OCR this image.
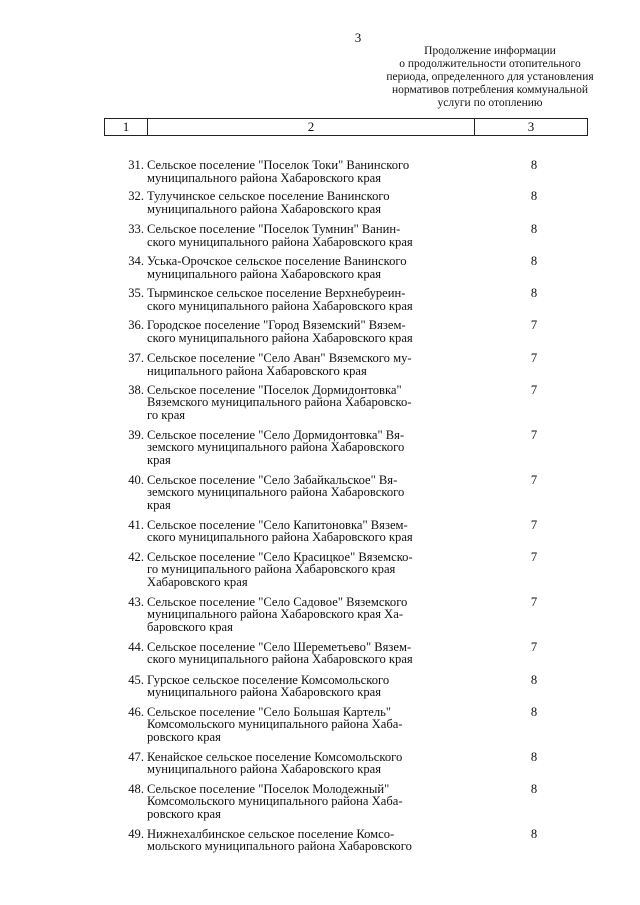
3
Продолжение информации
о продолжительности отопительного
периода, определенного для установления
нормативов потребления коммунальной
услуги по отоплению
1	2	3
31. Сельское поселение "Поселок Токи" Ванинского
муниципального района Хабаровского края
8
32. Тулучинское сельское поселение Ванинского
муниципального района Хабаровского края
8
33. Сельское поселение "Поселок Тумнин" Ванин-
ского муниципального района Хабаровского края
8
34. Уська-Орочское сельское поселение Ванинского
муниципального района Хабаровского края
8
35. Тырминское сельское поселение Верхнебуреин-
ского муниципального района Хабаровского края
8
36. Городское поселение "Город Вяземский" Вязем-
ского муниципального района Хабаровского края
7
37. Сельское поселение "Село Аван" Вяземского му-
ниципального района Хабаровского края
7
38. Сельское поселение "Поселок Дормидонтовка"
Вяземского муниципального района Хабаровско-
го края
7
39. Сельское поселение "Село Дормидонтовка" Вя-
земского муниципального района Хабаровского
края
7
40. Сельское поселение "Село Забайкальское" Вя-
земского муниципального района Хабаровского
края
7
41. Сельское поселение "Село Капитоновка" Вязем-
ского муниципального района Хабаровского края
7
42. Сельское поселение "Село Красицкое" Вяземско-
го муниципального района Хабаровского края
Хабаровского края
7
43. Сельское поселение "Село Садовое" Вяземского
муниципального района Хабаровского края Ха-
баровского края
7
44. Сельское поселение "Село Шереметьево" Вязем-
ского муниципального района Хабаровского края
7
45. Гурское сельское поселение Комсомольского
муниципального района Хабаровского края
8
46. Сельское поселение "Село Большая Картель"
Комсомольского муниципального района Хаба-
ровского края
8
47. Кенайское сельское поселение Комсомольского
муниципального района Хабаровского края
8
48. Сельское поселение "Поселок Молодежный"
Комсомольского муниципального района Хаба-
ровского края
8
49. Нижнехалбинское сельское поселение Комсо-
мольского муниципального района Хабаровского
8
